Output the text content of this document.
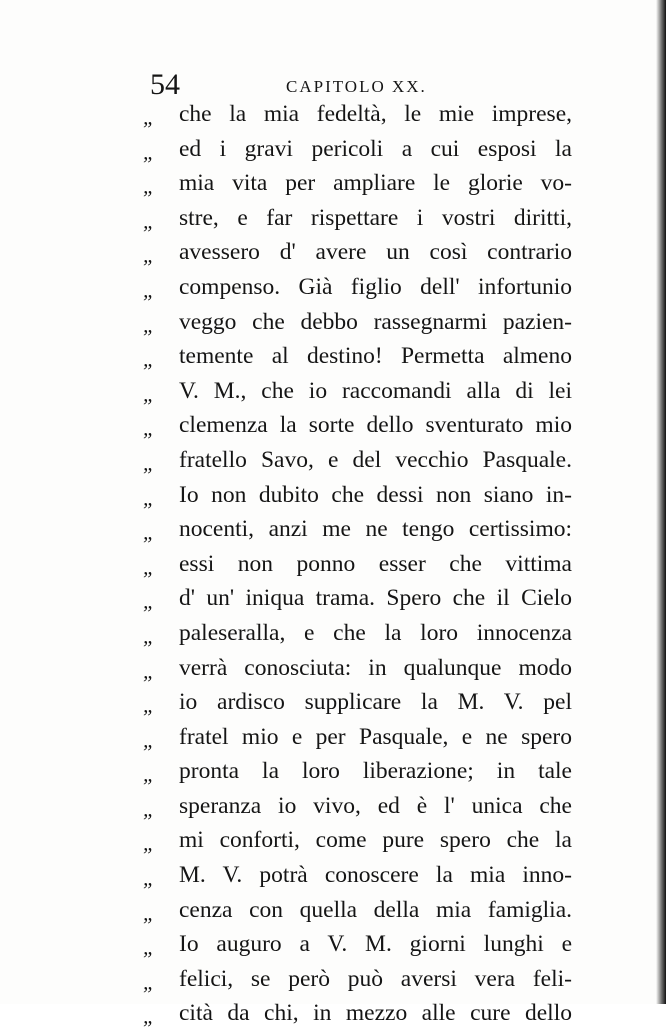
54	CAPITOLO XX.
„	che la mia fedeltà, le mie imprese,
„	ed i gravi pericoli a cui esposi la
„	mia vita per ampliare le glorie vo-
„	stre, e far rispettare i vostri diritti,
„	avessero d' avere un così contrario
„	compenso. Già figlio dell' infortunio
„	veggo che debbo rassegnarmi pazien-
„	temente al destino! Permetta almeno
„	V. M., che io raccomandi alla di lei
„	clemenza la sorte dello sventurato mio
„	fratello Savo, e del vecchio Pasquale.
„	Io non dubito che dessi non siano in-
„	nocenti, anzi me ne tengo certissimo:
„	essi non ponno esser che vittima
„	d' un' iniqua trama. Spero che il Cielo
„	paleseralla, e che la loro innocenza
„	verrà conosciuta: in qualunque modo
„	io ardisco supplicare la M. V. pel
„	fratel mio e per Pasquale, e ne spero
„	pronta la loro liberazione; in tale
„	speranza io vivo, ed è l' unica che
„	mi conforti, come pure spero che la
„	M. V. potrà conoscere la mia inno-
„	cenza con quella della mia famiglia.
„	Io auguro a V. M. giorni lunghi e
„	felici, se però può aversi vera feli-
„	cità da chi, in mezzo alle cure dello
